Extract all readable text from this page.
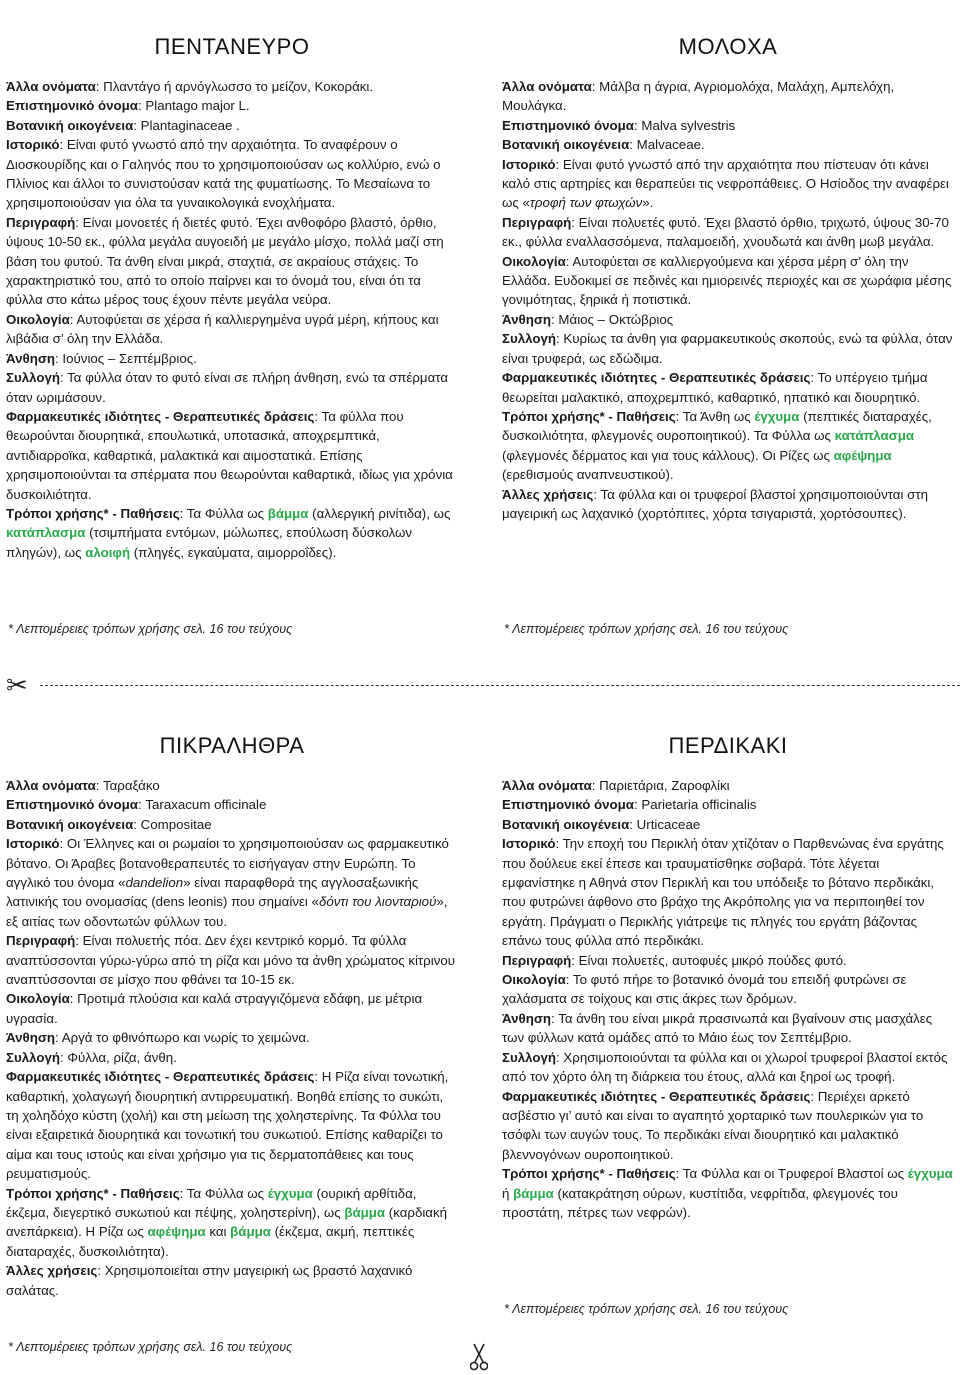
ΠΕΝΤΑΝΕΥΡΟ

Άλλα ονόματα: Πλαντάγο ή αρνόγλωσσο το μείζον, Κοκοράκι.

Επιστημονικό όνομα: Plantago major L.

Βοτανική οικογένεια: Plantaginaceae .

Ιστορικό: Είναι φυτό γνωστό από την αρχαιότητα. Το αναφέρουν ο Διοσκουρίδης και ο Γαληνός που το χρησιμοποιούσαν ως κολλύριο, ενώ ο Πλίνιος και άλλοι το συνιστούσαν κατά της φυματίωσης. Το Μεσαίωνα το χρησιμοποιούσαν για όλα τα γυναικολογικά ενοχλήματα.

Περιγραφή: Είναι μονοετές ή διετές φυτό. Έχει ανθοφόρο βλαστό, όρθιο, ύψους 10-50 εκ., φύλλα μεγάλα αυγοειδή με μεγάλο μίσχο, πολλά μαζί στη βάση του φυτού. Τα άνθη είναι μικρά, σταχτιά, σε ακραίους στάχεις. Το χαρακτηριστικό του, από το οποίο παίρνει και το όνομά του, είναι ότι τα φύλλα στο κάτω μέρος τους έχουν πέντε μεγάλα νεύρα.

Οικολογία: Αυτοφύεται σε χέρσα ή καλλιεργημένα υγρά μέρη, κήπους και λιβάδια σ’ όλη την Ελλάδα.

Άνθηση: Ιούνιος – Σεπτέμβριος.

Συλλογή: Τα φύλλα όταν το φυτό είναι σε πλήρη άνθηση, ενώ τα σπέρματα όταν ωριμάσουν.

Φαρμακευτικές ιδιότητες - Θεραπευτικές δράσεις: Τα φύλλα που θεωρούνται διουρητικά, επουλωτικά, υποτασικά, αποχρεμπτικά, αντιδιαρροϊκα, καθαρτικά, μαλακτικά και αιμοστατικά. Επίσης χρησιμοποιούνται τα σπέρματα που θεωρούνται καθαρτικά, ιδίως για χρόνια δυσκοιλιότητα.

Τρόποι χρήσης* - Παθήσεις: Τα Φύλλα ως βάμμα (αλλεργική ρινίτιδα), ως κατάπλασμα (τσιμπήματα εντόμων, μώλωπες, επούλωση δύσκολων πληγών), ως αλοιφή (πληγές, εγκαύματα, αιμορροΐδες).

* Λεπτομέρειες τρόπων χρήσης σελ. 16 του τεύχους
ΜΟΛΟΧΑ

Άλλα ονόματα: Μάλβα η άγρια, Αγριομολόχα, Μαλάχη, Αμπελόχη, Μουλάγκα.

Επιστημονικό όνομα: Malva sylvestris

Βοτανική οικογένεια: Malvaceae.

Ιστορικό: Είναι φυτό γνωστό από την αρχαιότητα που πίστευαν ότι κάνει καλό στις αρτηρίες και θεραπεύει τις νεφροπάθειες. Ο Ησίοδος την αναφέρει ως «τροφή των φτωχών».

Περιγραφή: Είναι πολυετές φυτό. Έχει βλαστό όρθιο, τριχωτό, ύψους 30-70 εκ., φύλλα εναλλασσόμενα, παλαμοειδή, χνουδωτά και άνθη μωβ μεγάλα.

Οικολογία: Αυτοφύεται σε καλλιεργούμενα και χέρσα μέρη σ’ όλη την Ελλάδα. Ευδοκιμεί σε πεδινές και ημιορεινές περιοχές και σε χωράφια μέσης γονιμότητας, ξηρικά ή ποτιστικά.

Άνθηση: Μάιος – Οκτώβριος

Συλλογή: Κυρίως τα άνθη για φαρμακευτικούς σκοπούς, ενώ τα φύλλα, όταν είναι τρυφερά, ως εδώδιμα.

Φαρμακευτικές ιδιότητες - Θεραπευτικές δράσεις: Το υπέργειο τμήμα θεωρείται μαλακτικό, αποχρεμπτικό, καθαρτικό, ηπατικό και διουρητικό.

Τρόποι χρήσης* - Παθήσεις: Τα Άνθη ως έγχυμα (πεπτικές διαταραχές, δυσκοιλιότητα, φλεγμονές ουροποιητικού). Τα Φύλλα ως κατάπλασμα (φλεγμονές δέρματος και για τους κάλλους). Οι Ρίζες ως αφέψημα (ερεθισμούς αναπνευστικού).

Άλλες χρήσεις: Τα φύλλα και οι τρυφεροί βλαστοί χρησιμοποιούνται στη μαγειρική ως λαχανικό (χορτόπιτες, χόρτα τσιγαριστά, χορτόσουπες).

* Λεπτομέρειες τρόπων χρήσης σελ. 16 του τεύχους
✂
ΠΙΚΡΑΛΗΘΡΑ

Άλλα ονόματα: Ταραξάκο

Επιστημονικό όνομα: Taraxacum officinale

Βοτανική οικογένεια: Compositae

Ιστορικό: Οι Έλληνες και οι ρωμαίοι το χρησιμοποιούσαν ως φαρμακευτικό βότανο. Οι Άραβες βοτανοθεραπευτές το εισήγαγαν στην Ευρώπη. Το αγγλικό του όνομα «dandelion» είναι παραφθορά της αγγλοσαξωνικής λατινικής του ονομασίας (dens leonis) που σημαίνει «δόντι του λιονταριού», εξ αιτίας των οδοντωτών φύλλων του.

Περιγραφή: Είναι πολυετής πόα. Δεν έχει κεντρικό κορμό. Τα φύλλα αναπτύσσονται γύρω-γύρω από τη ρίζα και μόνο τα άνθη χρώματος κίτρινου αναπτύσσονται σε μίσχο που φθάνει τα 10-15 εκ.

Οικολογία: Προτιμά πλούσια και καλά στραγγιζόμενα εδάφη, με μέτρια υγρασία.

Άνθηση: Αργά το φθινόπωρο και νωρίς το χειμώνα.

Συλλογή: Φύλλα, ρίζα, άνθη.

Φαρμακευτικές ιδιότητες - Θεραπευτικές δράσεις: Η Ρίζα είναι τονωτική, καθαρτική, χολαγωγή διουρητική αντιρρευματική. Βοηθά επίσης το συκώτι, τη χοληδόχο κύστη (χολή) και στη μείωση της χοληστερίνης. Τα Φύλλα του είναι εξαιρετικά διουρητικά και τονωτική του συκωτιού. Επίσης καθαρίζει το αίμα και τους ιστούς και είναι χρήσιμο για τις δερματοπάθειες και τους ρευματισμούς.

Τρόποι χρήσης* - Παθήσεις: Τα Φύλλα ως έγχυμα (ουρική αρθίτιδα, έκζεμα, διεγερτικό συκωτιού και πέψης, χοληστερίνη), ως βάμμα (καρδιακή ανεπάρκεια). Η Ρίζα ως αφέψημα και βάμμα (έκζεμα, ακμή, πεπτικές διαταραχές, δυσκοιλιότητα).

Άλλες χρήσεις: Χρησιμοποιείται στην μαγειρική ως βραστό λαχανικό σαλάτας.

* Λεπτομέρειες τρόπων χρήσης σελ. 16 του τεύχους
ΠΕΡΔΙΚΑΚΙ

Άλλα ονόματα: Παριετάρια, Ζαροφλίκι

Επιστημονικό όνομα: Parietaria officinalis

Βοτανική οικογένεια: Urticaceae

Ιστορικό: Την εποχή του Περικλή όταν χτίζόταν ο Παρθενώνας ένα εργάτης που δούλευε εκεί έπεσε και τραυματίσθηκε σοβαρά. Τότε λέγεται εμφανίστηκε η Αθηνά στον Περικλή και του υπόδειξε το βότανο περδικάκι, που φυτρώνει άφθονο στο βράχο της Ακρόπολης για να περιποιηθεί τον εργάτη. Πράγματι ο Περικλής γιάτρεψε τις πληγές του εργάτη βάζοντας επάνω τους φύλλα από περδικάκι.

Περιγραφή: Είναι πολυετές, αυτοφυές μικρό πούδες φυτό.

Οικολογία: Το φυτό πήρε το βοτανικό όνομά του επειδή φυτρώνει σε χαλάσματα σε τοίχους και στις άκρες των δρόμων.

Άνθηση: Τα άνθη του είναι μικρά πρασινωπά και βγαίνουν στις μασχάλες των φύλλων κατά ομάδες από το Μάιο έως τον Σεπτέμβριο.

Συλλογή: Χρησιμοποιούνται τα φύλλα και οι χλωροί τρυφεροί βλαστοί εκτός από τον χόρτο όλη τη διάρκεια του έτους, αλλά και ξηροί ως τροφή.

Φαρμακευτικές ιδιότητες - Θεραπευτικές δράσεις: Περιέχει αρκετό ασβέστιο γι’ αυτό και είναι το αγαπητό χορταρικό των πουλερικών για το τσόφλι των αυγών τους. Το περδικάκι είναι διουρητικό και μαλακτικό βλεννογόνων ουροποιητικού.

Τρόποι χρήσης* - Παθήσεις: Τα Φύλλα και οι Τρυφεροί Βλαστοί ως έγχυμα ή βάμμα (κατακράτηση ούρων, κυστίτιδα, νεφρίτιδα, φλεγμονές του προστάτη, πέτρες των νεφρών).

* Λεπτομέρειες τρόπων χρήσης σελ. 16 του τεύχους
